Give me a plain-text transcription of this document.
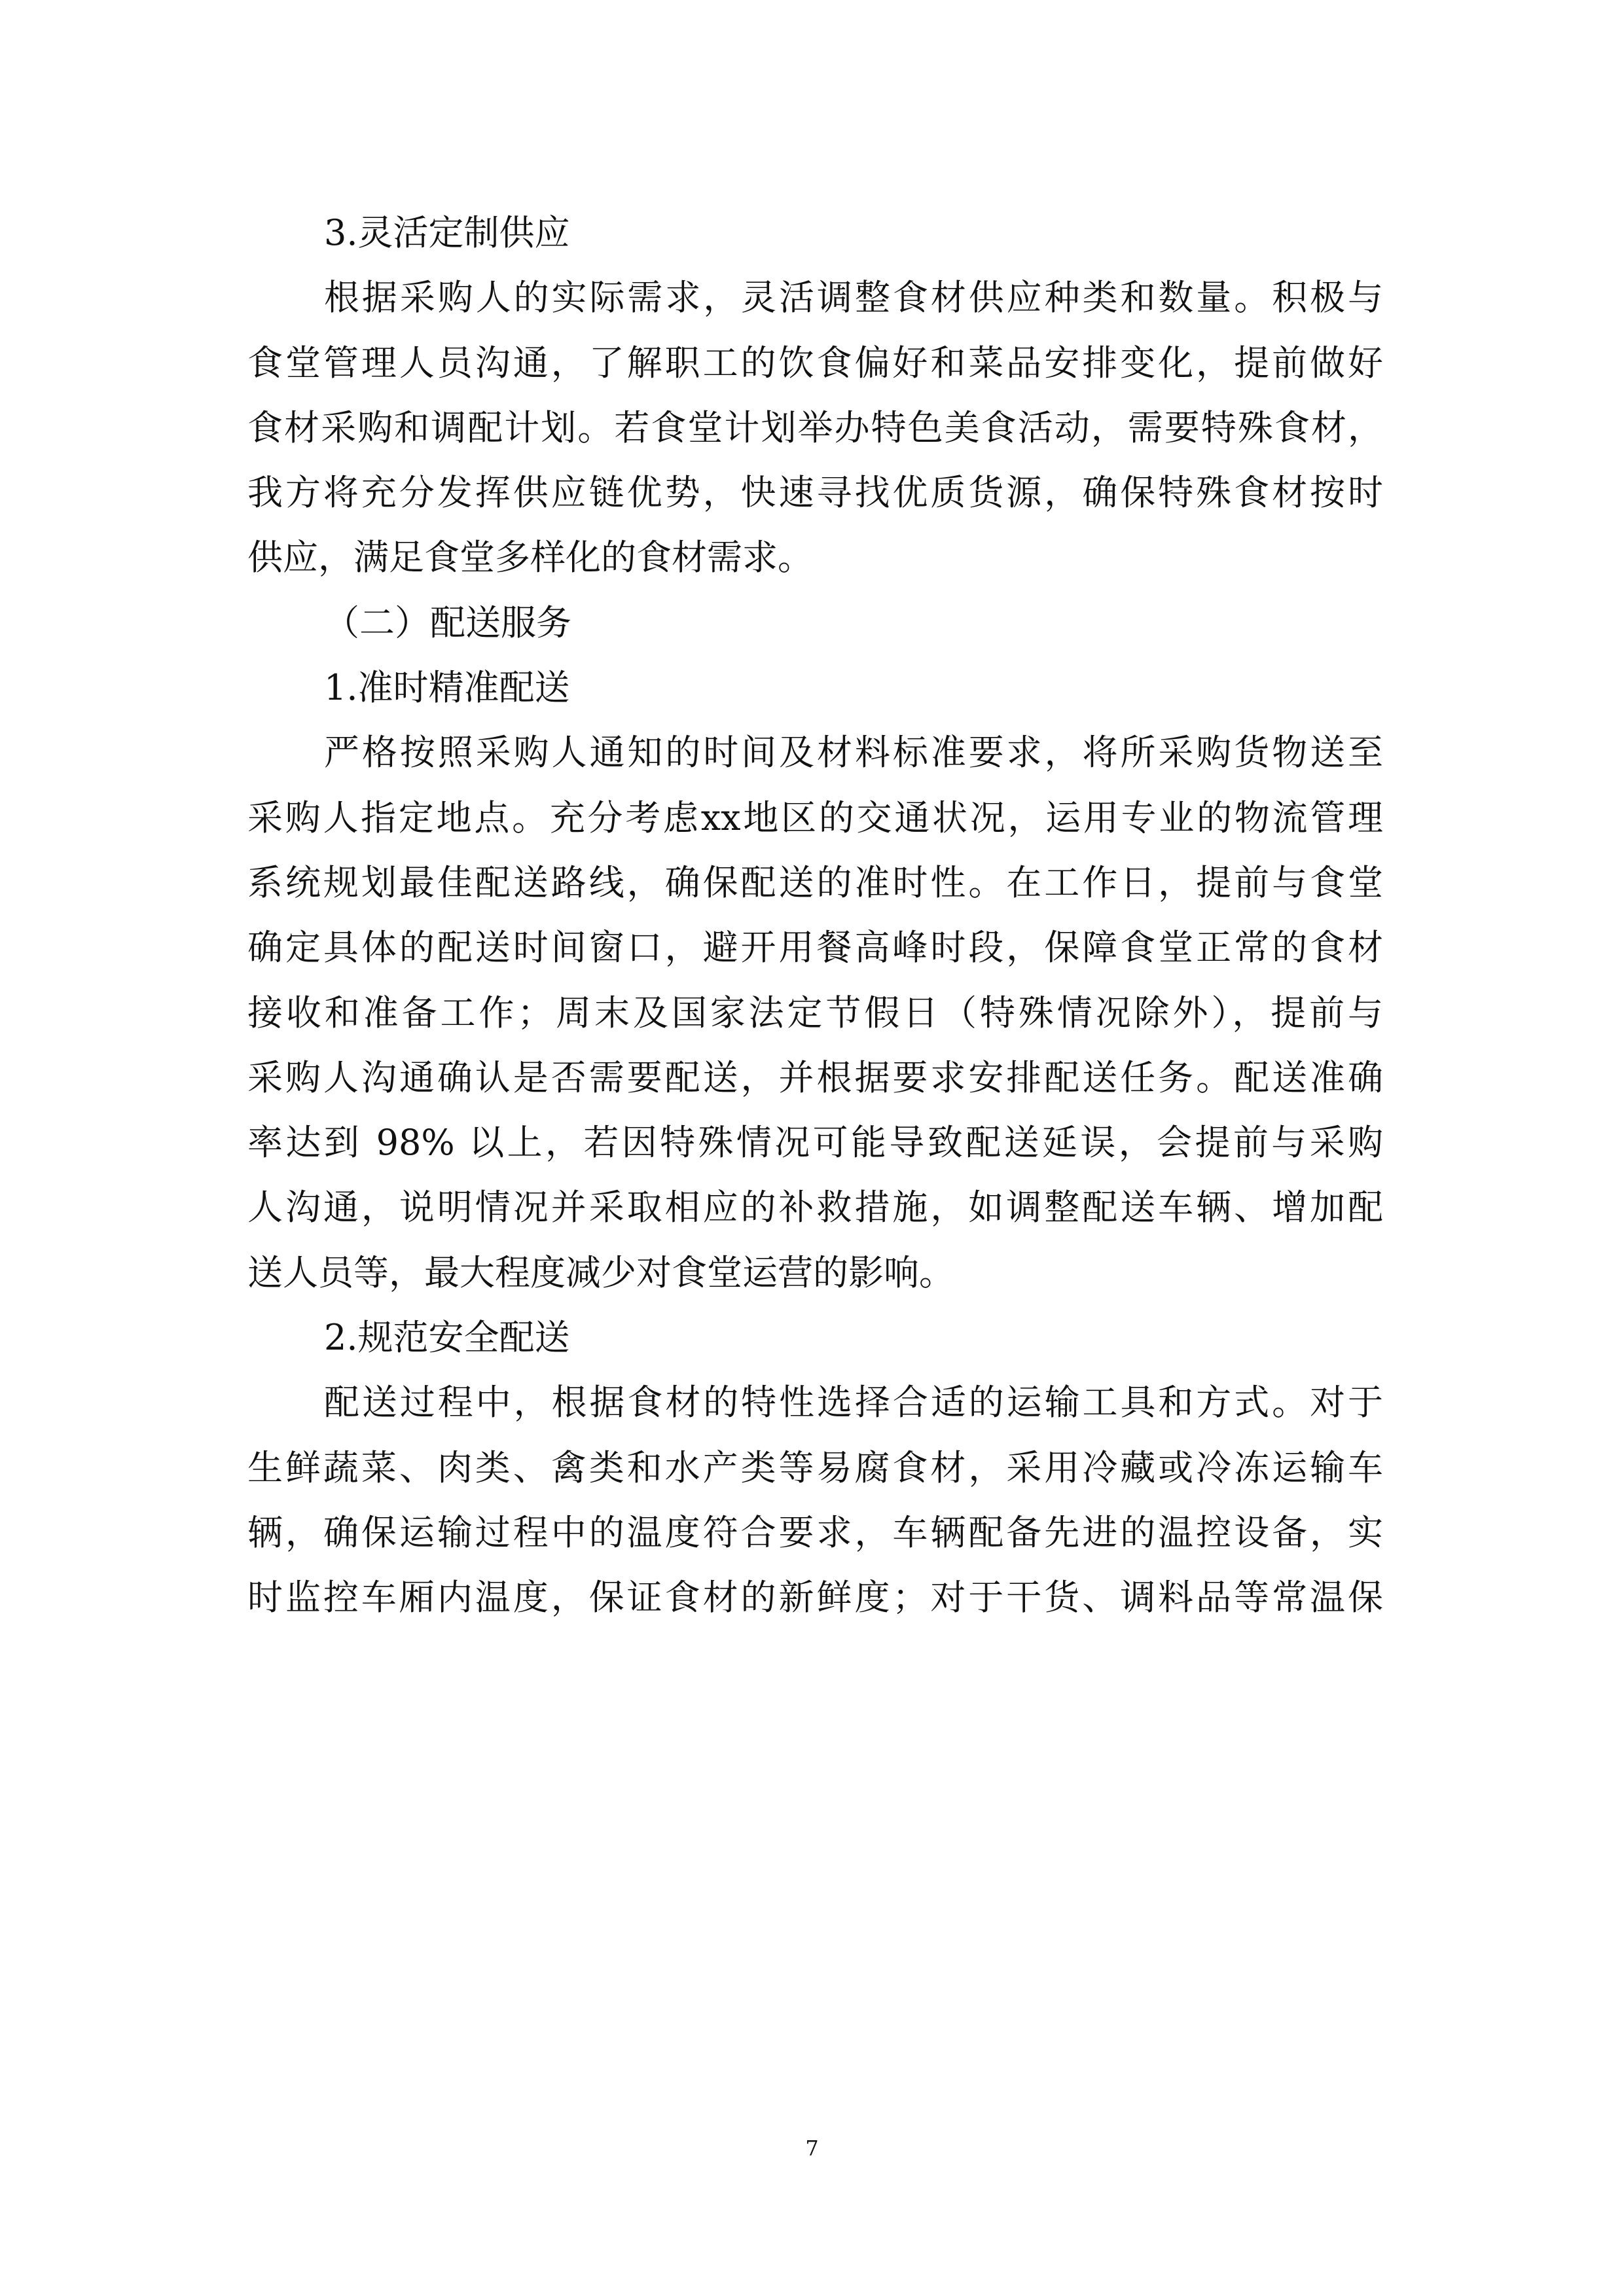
3.灵活定制供应
根据采购人的实际需求，灵活调整食材供应种类和数量。积极与
食堂管理人员沟通，了解职工的饮食偏好和菜品安排变化，提前做好
食材采购和调配计划。若食堂计划举办特色美食活动，需要特殊食材，
我方将充分发挥供应链优势，快速寻找优质货源，确保特殊食材按时
供应，满足食堂多样化的食材需求。
（二）配送服务
1.准时精准配送
严格按照采购人通知的时间及材料标准要求，将所采购货物送至
采购人指定地点。充分考虑xx地区的交通状况，运用专业的物流管理
系统规划最佳配送路线，确保配送的准时性。在工作日，提前与食堂
确定具体的配送时间窗口，避开用餐高峰时段，保障食堂正常的食材
接收和准备工作；周末及国家法定节假日（特殊情况除外），提前与
采购人沟通确认是否需要配送，并根据要求安排配送任务。配送准确
率达到 98% 以上，若因特殊情况可能导致配送延误，会提前与采购
人沟通，说明情况并采取相应的补救措施，如调整配送车辆、增加配
送人员等，最大程度减少对食堂运营的影响。
2.规范安全配送
配送过程中，根据食材的特性选择合适的运输工具和方式。对于
生鲜蔬菜、肉类、禽类和水产类等易腐食材，采用冷藏或冷冻运输车
辆，确保运输过程中的温度符合要求，车辆配备先进的温控设备，实
时监控车厢内温度，保证食材的新鲜度；对于干货、调料品等常温保
7
